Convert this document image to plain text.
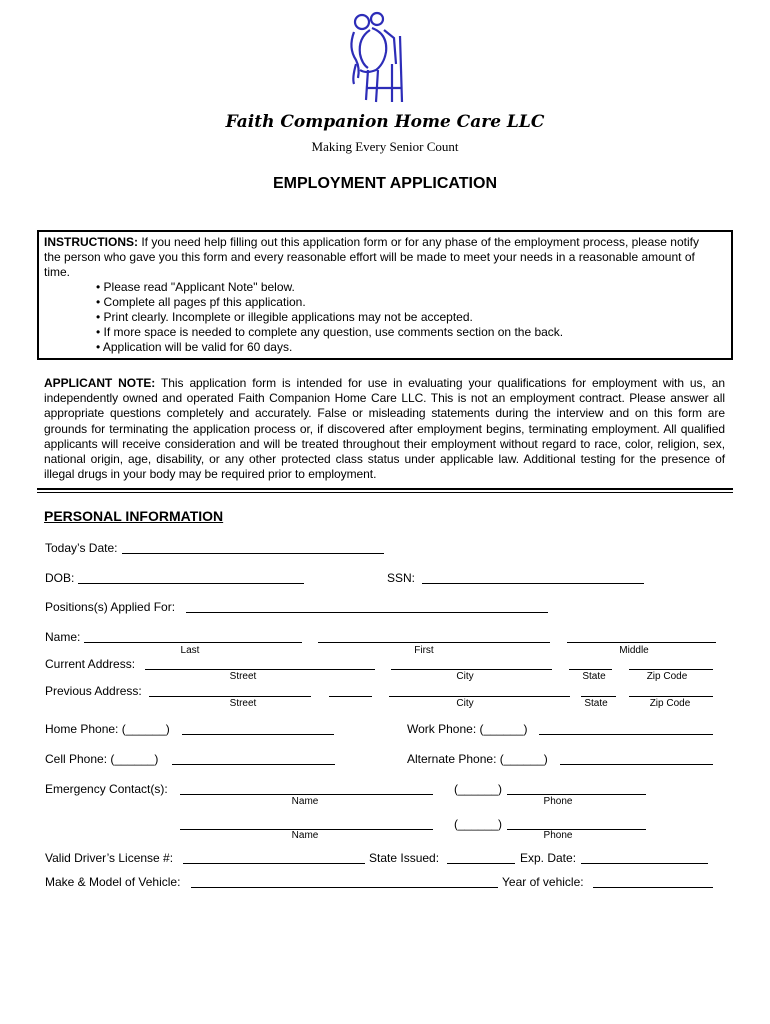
Faith Companion Home Care LLC
Making Every Senior Count
EMPLOYMENT APPLICATION
INSTRUCTIONS: If you need help filling out this application form or for any phase of the employment process, please notify the person who gave you this form and every reasonable effort will be made to meet your needs in a reasonable amount of time.
• Please read "Applicant Note" below.
• Complete all pages pf this application.
• Print clearly. Incomplete or illegible applications may not be accepted.
• If more space is needed to complete any question, use comments section on the back.
• Application will be valid for 60 days.
APPLICANT NOTE: This application form is intended for use in evaluating your qualifications for employment with us, an independently owned and operated Faith Companion Home Care LLC. This is not an employment contract. Please answer all appropriate questions completely and accurately. False or misleading statements during the interview and on this form are grounds for terminating the application process or, if discovered after employment begins, terminating employment. All qualified applicants will receive consideration and will be treated throughout their employment without regard to race, color, religion, sex, national origin, age, disability, or any other protected class status under applicable law. Additional testing for the presence of illegal drugs in your body may be required prior to employment.
PERSONAL INFORMATION
Today’s Date:
DOB:	SSN:
Positions(s) Applied For:
Name:
Last	First	Middle
Current Address:
Street	City	State	Zip Code
Previous Address:
Street	City	State	Zip Code
Home Phone: (______)	Work Phone: (______)
Cell Phone: (______)	Alternate Phone: (______)
Emergency Contact(s):	(______)
Name	Phone
(______)
Name	Phone
Valid Driver’s License #:	State Issued:	Exp. Date:
Make & Model of Vehicle:	Year of vehicle:
